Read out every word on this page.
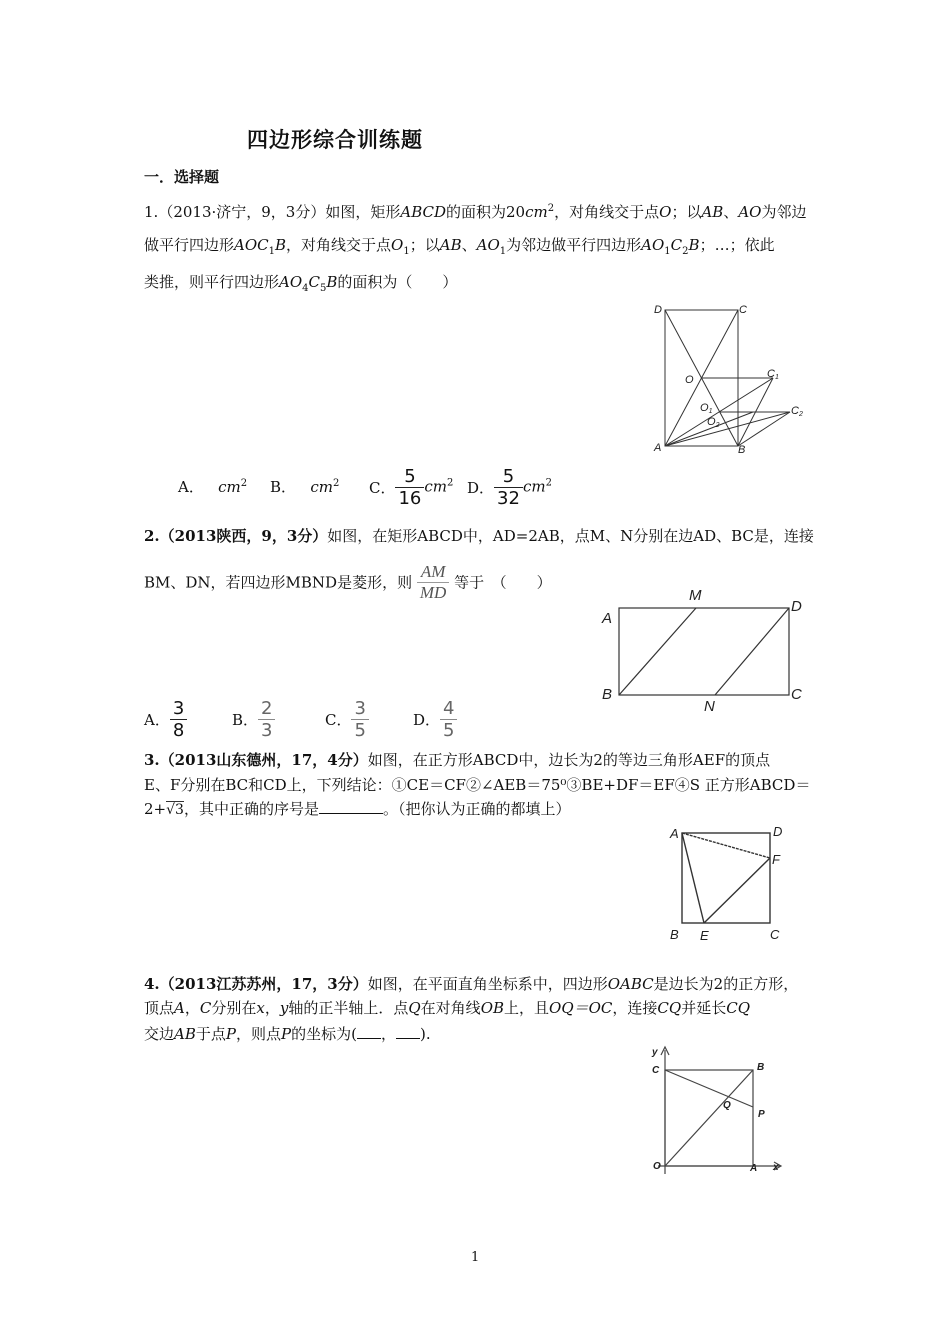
四边形综合训练题
一．选择题
1.（2013·济宁，9，3分）如图，矩形ABCD的面积为$20cm^2$，对角线交于点O；以AB、AO为邻边
做平行四边形$AOC_1B$，对角线交于点$O_1$；以AB、$AO_1$为邻边做平行四边形$AO_1C_2B$；…；依此
类推，则平行四边形$AO_4C_5B$的面积为（　　）
D	C
O	C1
O1
O2
C2
A	B
A． $cm^2$ B． $cm^2$ C． $\frac{5}{16} cm^2$ D． $\frac{5}{32} cm^2$
2.（2013陕西，9，3分）如图，在矩形ABCD中，AD=2AB，点M、N分别在边AD、BC是，连接
BM、DN，若四边形MBND是菱形，则 $\frac{AM}{MD}$ 等于　（　　）
A
M
D
B
N
C
A． $\frac{3}{8}$	B． $\frac{2}{3}$	C． $\frac{3}{5}$	D． $\frac{4}{5}$
3.（2013山东德州，17，4分）如图，在正方形ABCD中，边长为2的等边三角形AEF的顶点
E、F分别在BC和CD上，下列结论：①CE＝CF②∠AEB＝75⁰③BE+DF＝EF④S 正方形ABCD＝
2+√3，其中正确的序号是	。（把你认为正确的都填上）
A	D
F
B E	C
4.（2013江苏苏州，17，3分）如图，在平面直角坐标系中，四边形OABC是边长为2的正方形，
顶点A，C分别在x，y轴的正半轴上．点Q在对角线OB上，且OQ＝OC，连接CQ并延长CQ
交边AB于点P，则点P的坐标为( ， ).
y
C	B
Q
P
O	A x
1
